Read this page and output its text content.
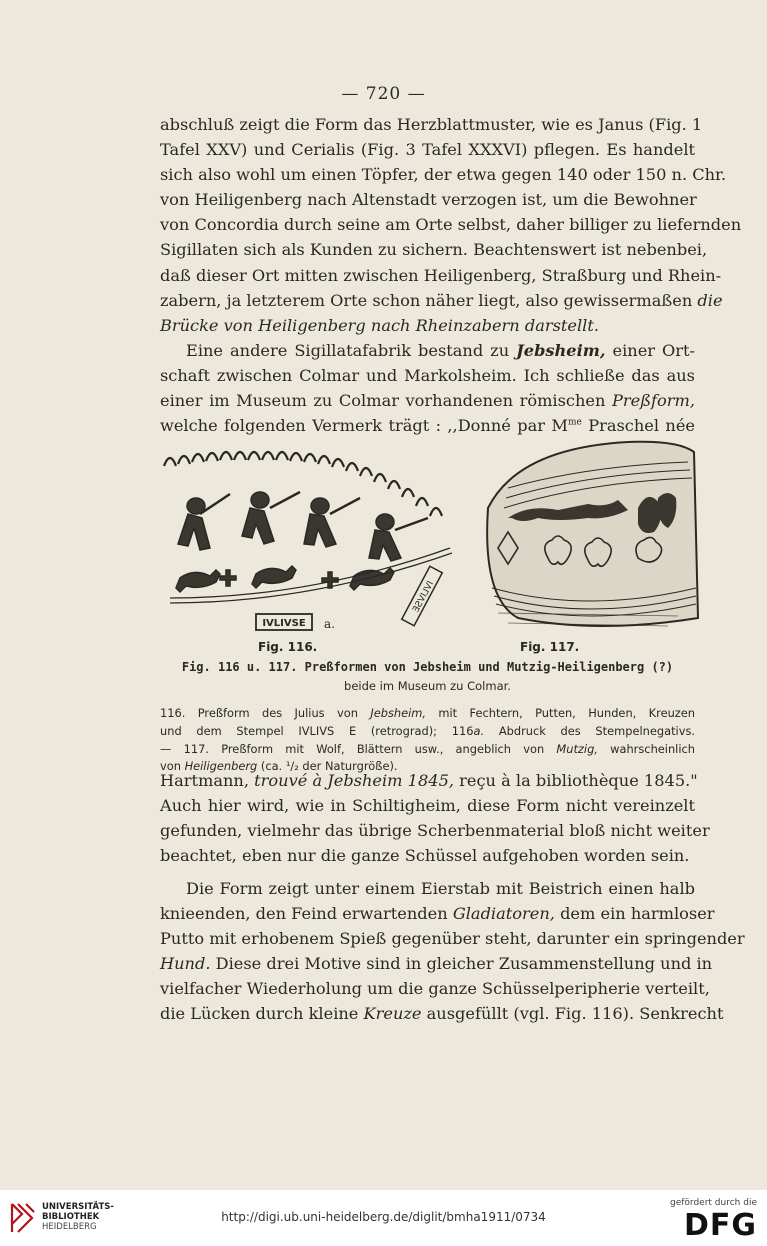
— 720 —
abschluß zeigt die Form das Herzblattmuster, wie es Janus (Fig. 1
Tafel XXV) und Cerialis (Fig. 3 Tafel XXXVI) pflegen. Es handelt
sich also wohl um einen Töpfer, der etwa gegen 140 oder 150 n. Chr.
von Heiligenberg nach Altenstadt verzogen ist, um die Bewohner
von Concordia durch seine am Orte selbst, daher billiger zu liefernden
Sigillaten sich als Kunden zu sichern. Beachtenswert ist nebenbei,
daß dieser Ort mitten zwischen Heiligenberg, Straßburg und Rhein-
zabern, ja letzterem Orte schon näher liegt, also gewissermaßen die
Brücke von Heiligenberg nach Rheinzabern darstellt.
Eine andere Sigillatafabrik bestand zu Jebsheim, einer Ort-
schaft zwischen Colmar und Markolsheim. Ich schließe das aus
einer im Museum zu Colmar vorhandenen römischen Preßform,
welche folgenden Vermerk trägt : ,,Donné par $M^{me}$ Praschel née
IVLIVSE
IVLIVSE a.
Fig. 116.	Fig. 117.
Fig. 116 u. 117. Preßformen von Jebsheim und Mutzig-Heiligenberg (?)
beide im Museum zu Colmar.
116. Preßform des Julius von Jebsheim, mit Fechtern, Putten, Hunden, Kreuzen
und dem Stempel IVLIVS E (retrograd); 116a. Abdruck des Stempelnegativs.
— 117. Preßform mit Wolf, Blättern usw., angeblich von Mutzig, wahrscheinlich
von Heiligenberg (ca. ¹/₂ der Naturgröße).
Hartmann, trouvé à Jebsheim 1845, reçu à la bibliothèque 1845."
Auch hier wird, wie in Schiltigheim, diese Form nicht vereinzelt
gefunden, vielmehr das übrige Scherbenmaterial bloß nicht weiter
beachtet, eben nur die ganze Schüssel aufgehoben worden sein.
Die Form zeigt unter einem Eierstab mit Beistrich einen halb
knieenden, den Feind erwartenden Gladiatoren, dem ein harmloser
Putto mit erhobenem Spieß gegenüber steht, darunter ein springender
Hund. Diese drei Motive sind in gleicher Zusammenstellung und in
vielfacher Wiederholung um die ganze Schüsselperipherie verteilt,
die Lücken durch kleine Kreuze ausgefüllt (vgl. Fig. 116). Senkrecht
UNIVERSITÄTS-
BIBLIOTHEK
HEIDELBERG
http://digi.ub.uni-heidelberg.de/diglit/bmha1911/0734
gefördert durch die
DFG
